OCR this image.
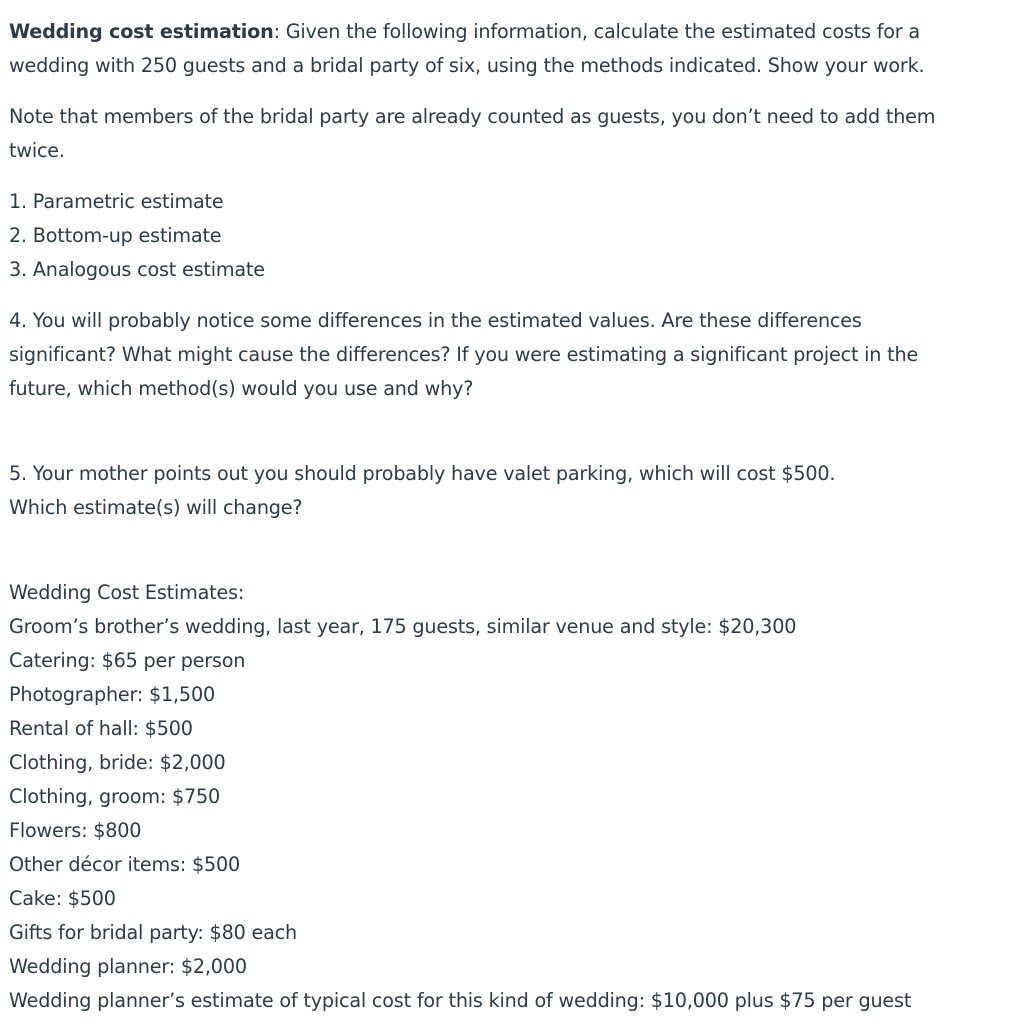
Wedding cost estimation: Given the following information, calculate the estimated costs for a

wedding with 250 guests and a bridal party of six, using the methods indicated. Show your work.

Note that members of the bridal party are already counted as guests, you don’t need to add them

twice.

1. Parametric estimate

2. Bottom-up estimate

3. Analogous cost estimate

4. You will probably notice some differences in the estimated values. Are these differences

significant? What might cause the differences? If you were estimating a significant project in the

future, which method(s) would you use and why?

5. Your mother points out you should probably have valet parking, which will cost $500.

Which estimate(s) will change?

Wedding Cost Estimates:

Groom’s brother’s wedding, last year, 175 guests, similar venue and style: $20,300

Catering: $65 per person

Photographer: $1,500

Rental of hall: $500

Clothing, bride: $2,000

Clothing, groom: $750

Flowers: $800

Other décor items: $500

Cake: $500

Gifts for bridal party: $80 each

Wedding planner: $2,000

Wedding planner’s estimate of typical cost for this kind of wedding: $10,000 plus $75 per guest
